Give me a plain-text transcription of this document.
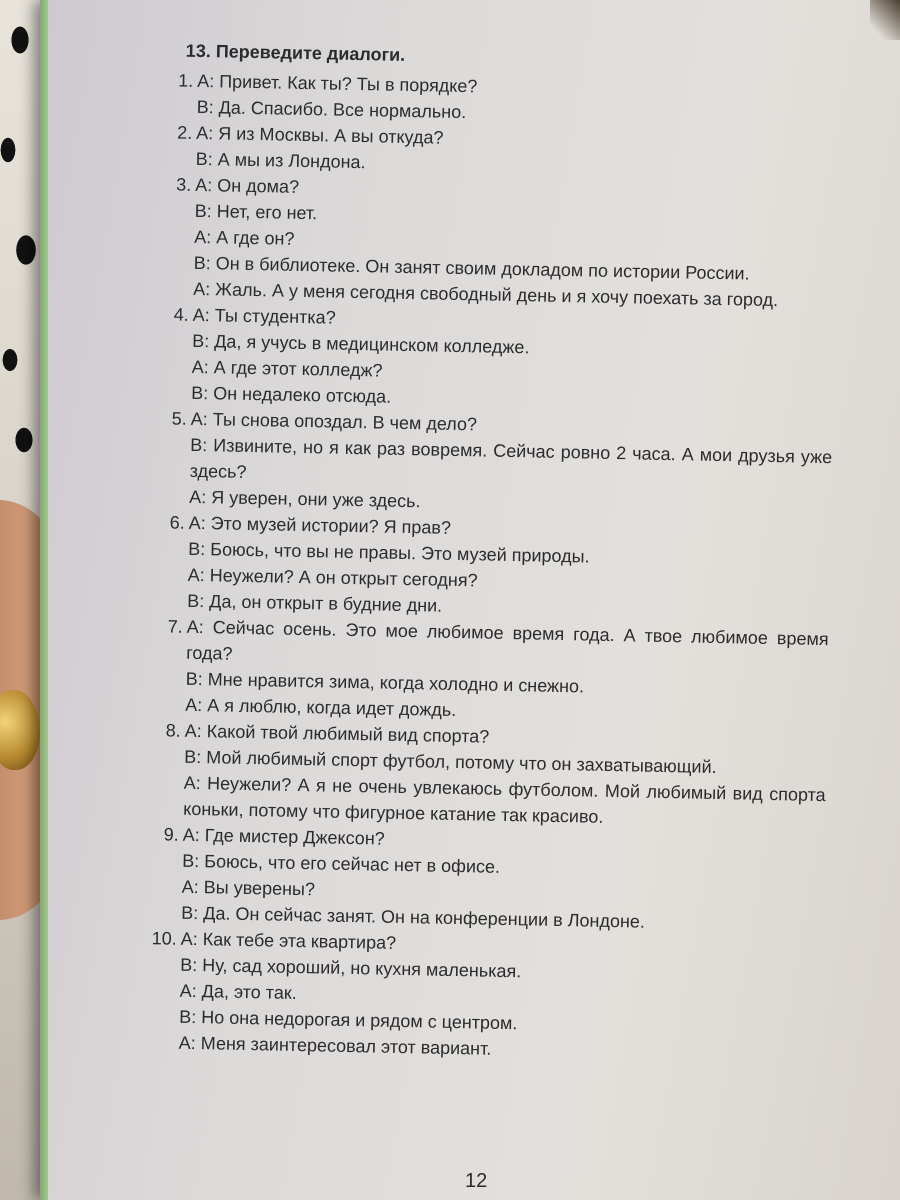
13. Переведите диалоги.
1. А: Привет. Как ты? Ты в порядке?

В: Да. Спасибо. Все нормально.

2. А: Я из Москвы. А вы откуда?

В: А мы из Лондона.

3. А: Он дома?

В: Нет, его нет.

А: А где он?

В: Он в библиотеке. Он занят своим докладом по истории России.

А: Жаль. А у меня сегодня свободный день и я хочу поехать за город.

4. А: Ты студентка?

В: Да, я учусь в медицинском колледже.

А: А где этот колледж?

В: Он недалеко отсюда.

5. А: Ты снова опоздал. В чем дело?

В: Извините, но я как раз вовремя. Сейчас ровно 2 часа. А мои друзья уже здесь?

А: Я уверен, они уже здесь.

6. А: Это музей истории? Я прав?

В: Боюсь, что вы не правы. Это музей природы.

А: Неужели? А он открыт сегодня?

В: Да, он открыт в будние дни.

7. А: Сейчас осень. Это мое любимое время года. А твое любимое время года?

В: Мне нравится зима, когда холодно и снежно.

А: А я люблю, когда идет дождь.

8. А: Какой твой любимый вид спорта?

В: Мой любимый спорт футбол, потому что он захватывающий.

А: Неужели? А я не очень увлекаюсь футболом. Мой любимый вид спорта коньки, потому что фигурное катание так красиво.

9. А: Где мистер Джексон?

В: Боюсь, что его сейчас нет в офисе.

А: Вы уверены?

В: Да. Он сейчас занят. Он на конференции в Лондоне.

10. А: Как тебе эта квартира?

В: Ну, сад хороший, но кухня маленькая.

А: Да, это так.

В: Но она недорогая и рядом с центром.

А: Меня заинтересовал этот вариант.

12
